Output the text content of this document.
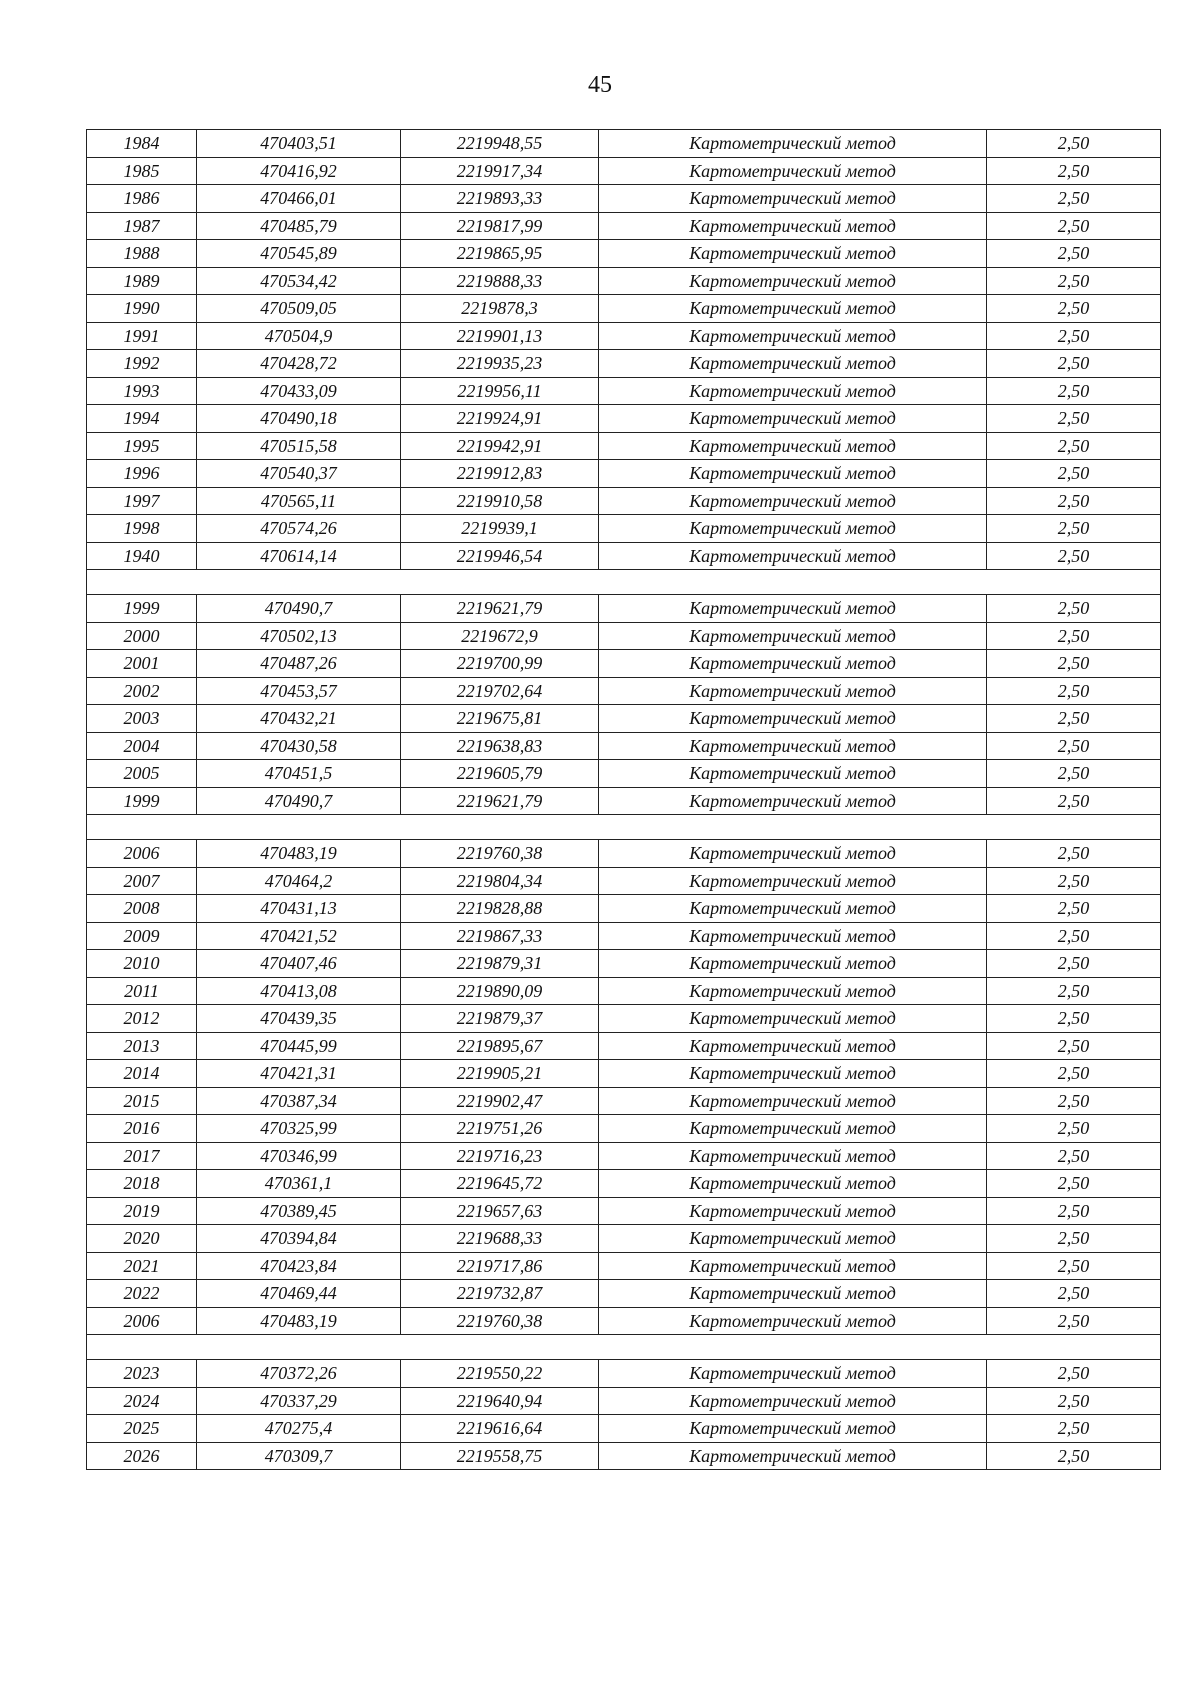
45
1984	470403,51	2219948,55	Картометрический метод	2,50
1985	470416,92	2219917,34	Картометрический метод	2,50
1986	470466,01	2219893,33	Картометрический метод	2,50
1987	470485,79	2219817,99	Картометрический метод	2,50
1988	470545,89	2219865,95	Картометрический метод	2,50
1989	470534,42	2219888,33	Картометрический метод	2,50
1990	470509,05	2219878,3	Картометрический метод	2,50
1991	470504,9	2219901,13	Картометрический метод	2,50
1992	470428,72	2219935,23	Картометрический метод	2,50
1993	470433,09	2219956,11	Картометрический метод	2,50
1994	470490,18	2219924,91	Картометрический метод	2,50
1995	470515,58	2219942,91	Картометрический метод	2,50
1996	470540,37	2219912,83	Картометрический метод	2,50
1997	470565,11	2219910,58	Картометрический метод	2,50
1998	470574,26	2219939,1	Картометрический метод	2,50
1940	470614,14	2219946,54	Картометрический метод	2,50

1999	470490,7	2219621,79	Картометрический метод	2,50
2000	470502,13	2219672,9	Картометрический метод	2,50
2001	470487,26	2219700,99	Картометрический метод	2,50
2002	470453,57	2219702,64	Картометрический метод	2,50
2003	470432,21	2219675,81	Картометрический метод	2,50
2004	470430,58	2219638,83	Картометрический метод	2,50
2005	470451,5	2219605,79	Картометрический метод	2,50
1999	470490,7	2219621,79	Картометрический метод	2,50

2006	470483,19	2219760,38	Картометрический метод	2,50
2007	470464,2	2219804,34	Картометрический метод	2,50
2008	470431,13	2219828,88	Картометрический метод	2,50
2009	470421,52	2219867,33	Картометрический метод	2,50
2010	470407,46	2219879,31	Картометрический метод	2,50
2011	470413,08	2219890,09	Картометрический метод	2,50
2012	470439,35	2219879,37	Картометрический метод	2,50
2013	470445,99	2219895,67	Картометрический метод	2,50
2014	470421,31	2219905,21	Картометрический метод	2,50
2015	470387,34	2219902,47	Картометрический метод	2,50
2016	470325,99	2219751,26	Картометрический метод	2,50
2017	470346,99	2219716,23	Картометрический метод	2,50
2018	470361,1	2219645,72	Картометрический метод	2,50
2019	470389,45	2219657,63	Картометрический метод	2,50
2020	470394,84	2219688,33	Картометрический метод	2,50
2021	470423,84	2219717,86	Картометрический метод	2,50
2022	470469,44	2219732,87	Картометрический метод	2,50
2006	470483,19	2219760,38	Картометрический метод	2,50

2023	470372,26	2219550,22	Картометрический метод	2,50
2024	470337,29	2219640,94	Картометрический метод	2,50
2025	470275,4	2219616,64	Картометрический метод	2,50
2026	470309,7	2219558,75	Картометрический метод	2,50
